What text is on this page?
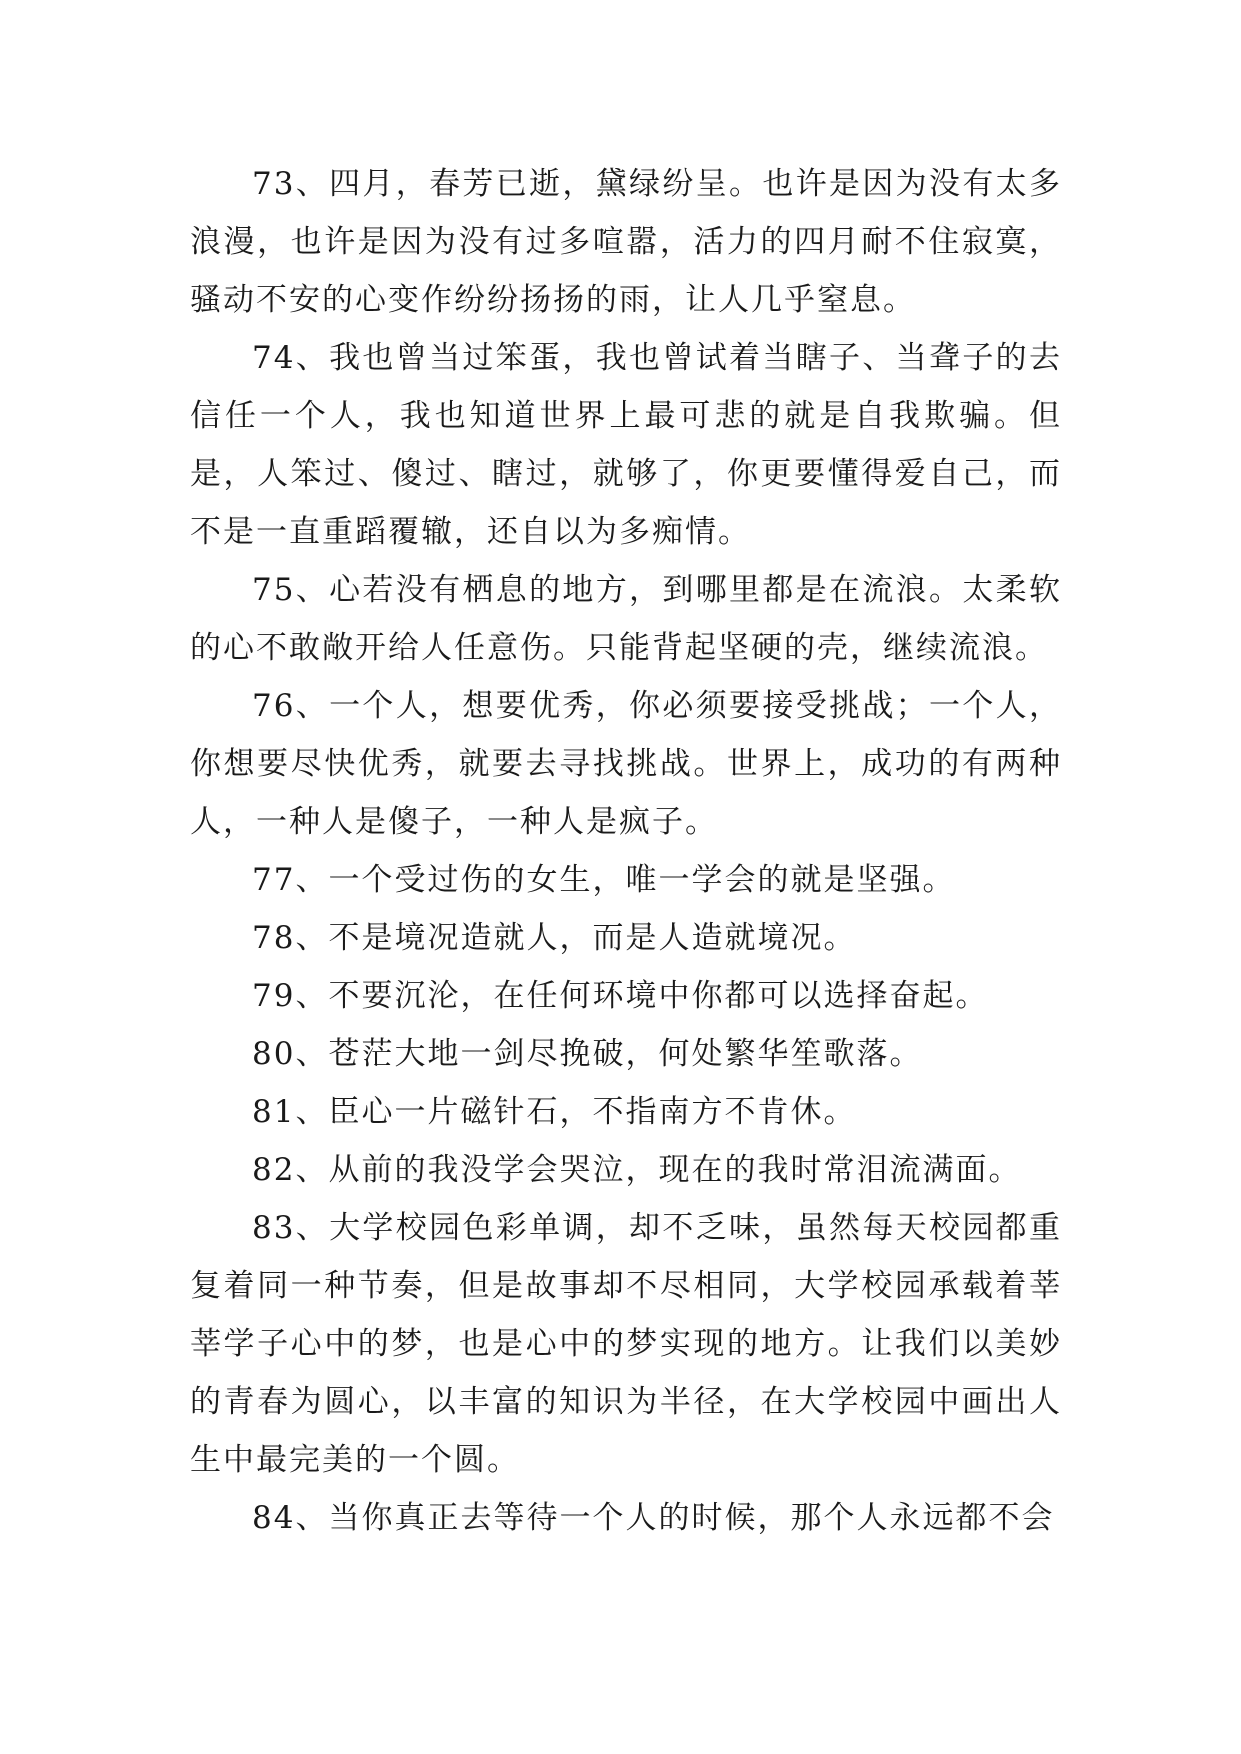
73、四月，春芳已逝，黛绿纷呈。也许是因为没有太多浪漫，也许是因为没有过多喧嚣，活力的四月耐不住寂寞，骚动不安的心变作纷纷扬扬的雨，让人几乎窒息。

74、我也曾当过笨蛋，我也曾试着当瞎子、当聋子的去信任一个人，我也知道世界上最可悲的就是自我欺骗。但是，人笨过、傻过、瞎过，就够了，你更要懂得爱自己，而不是一直重蹈覆辙，还自以为多痴情。

75、心若没有栖息的地方，到哪里都是在流浪。太柔软的心不敢敞开给人任意伤。只能背起坚硬的壳，继续流浪。

76、一个人，想要优秀，你必须要接受挑战；一个人，你想要尽快优秀，就要去寻找挑战。世界上，成功的有两种人，一种人是傻子，一种人是疯子。

77、一个受过伤的女生，唯一学会的就是坚强。

78、不是境况造就人，而是人造就境况。

79、不要沉沦，在任何环境中你都可以选择奋起。

80、苍茫大地一剑尽挽破，何处繁华笙歌落。

81、臣心一片磁针石，不指南方不肯休。

82、从前的我没学会哭泣，现在的我时常泪流满面。

83、大学校园色彩单调，却不乏味，虽然每天校园都重复着同一种节奏，但是故事却不尽相同，大学校园承载着莘莘学子心中的梦，也是心中的梦实现的地方。让我们以美妙的青春为圆心，以丰富的知识为半径，在大学校园中画出人生中最完美的一个圆。

84、当你真正去等待一个人的时候，那个人永远都不会
